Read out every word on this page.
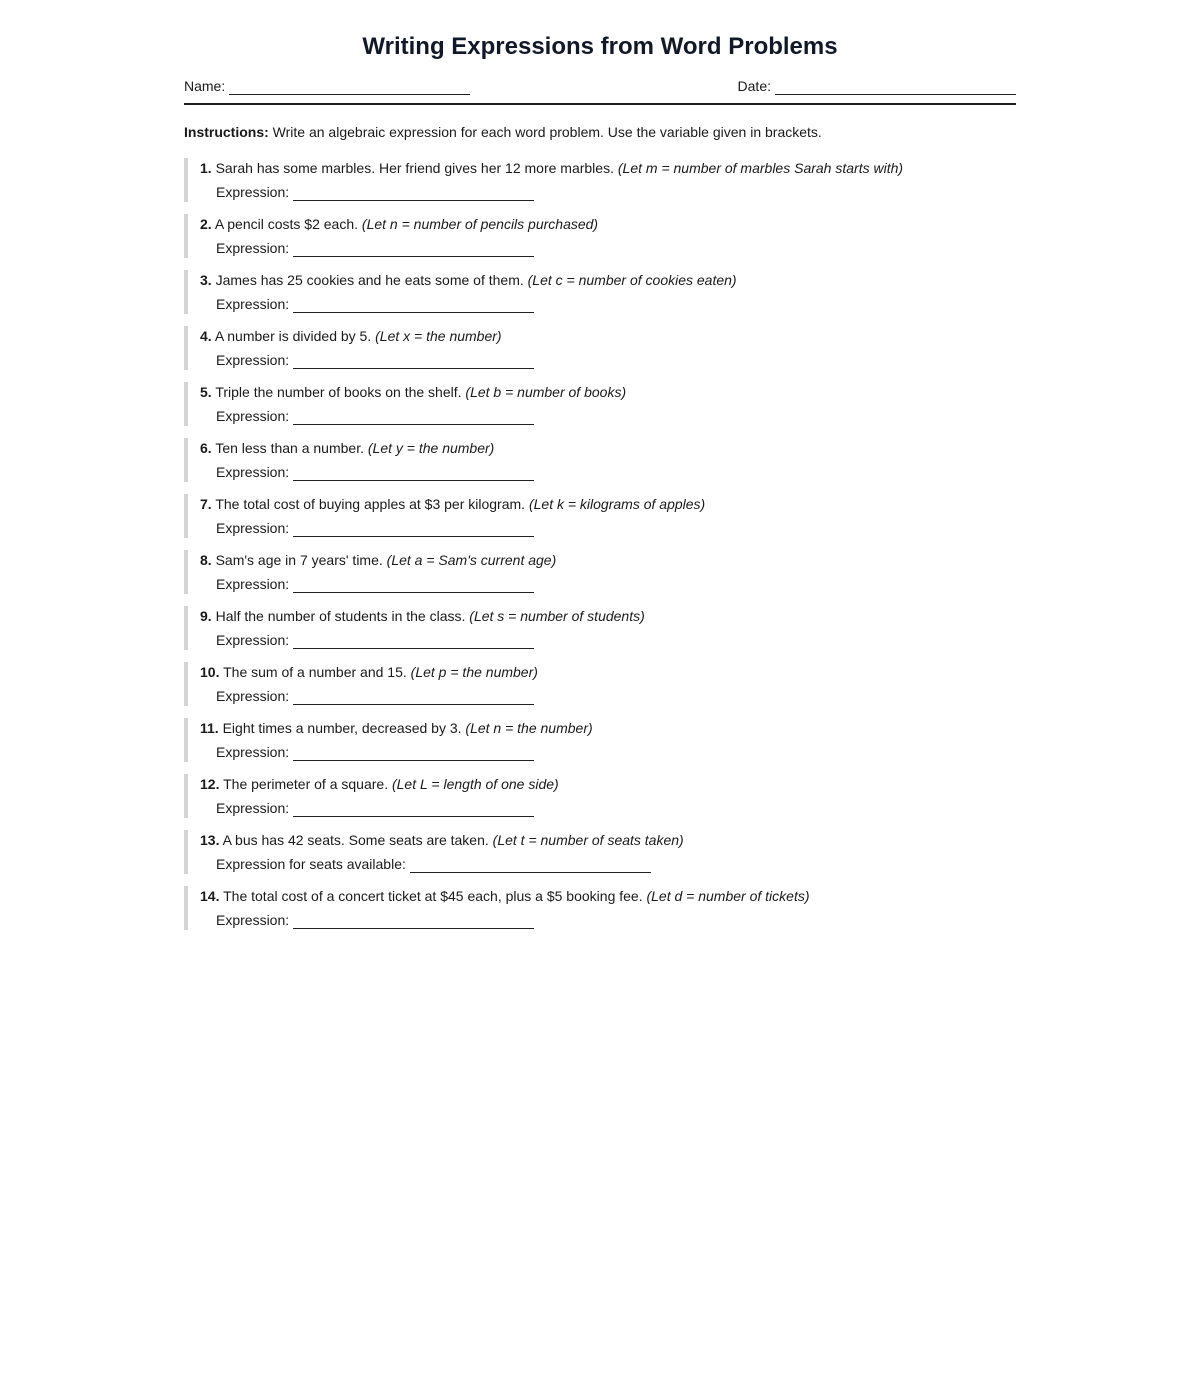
Writing Expressions from Word Problems
Name:	Date:
Instructions: Write an algebraic expression for each word problem. Use the variable given in brackets.
1. Sarah has some marbles. Her friend gives her 12 more marbles. (Let m = number of marbles Sarah starts with)
Expression:
2. A pencil costs $2 each. (Let n = number of pencils purchased)
Expression:
3. James has 25 cookies and he eats some of them. (Let c = number of cookies eaten)
Expression:
4. A number is divided by 5. (Let x = the number)
Expression:
5. Triple the number of books on the shelf. (Let b = number of books)
Expression:
6. Ten less than a number. (Let y = the number)
Expression:
7. The total cost of buying apples at $3 per kilogram. (Let k = kilograms of apples)
Expression:
8. Sam's age in 7 years' time. (Let a = Sam's current age)
Expression:
9. Half the number of students in the class. (Let s = number of students)
Expression:
10. The sum of a number and 15. (Let p = the number)
Expression:
11. Eight times a number, decreased by 3. (Let n = the number)
Expression:
12. The perimeter of a square. (Let L = length of one side)
Expression:
13. A bus has 42 seats. Some seats are taken. (Let t = number of seats taken)
Expression for seats available:
14. The total cost of a concert ticket at $45 each, plus a $5 booking fee. (Let d = number of tickets)
Expression:
